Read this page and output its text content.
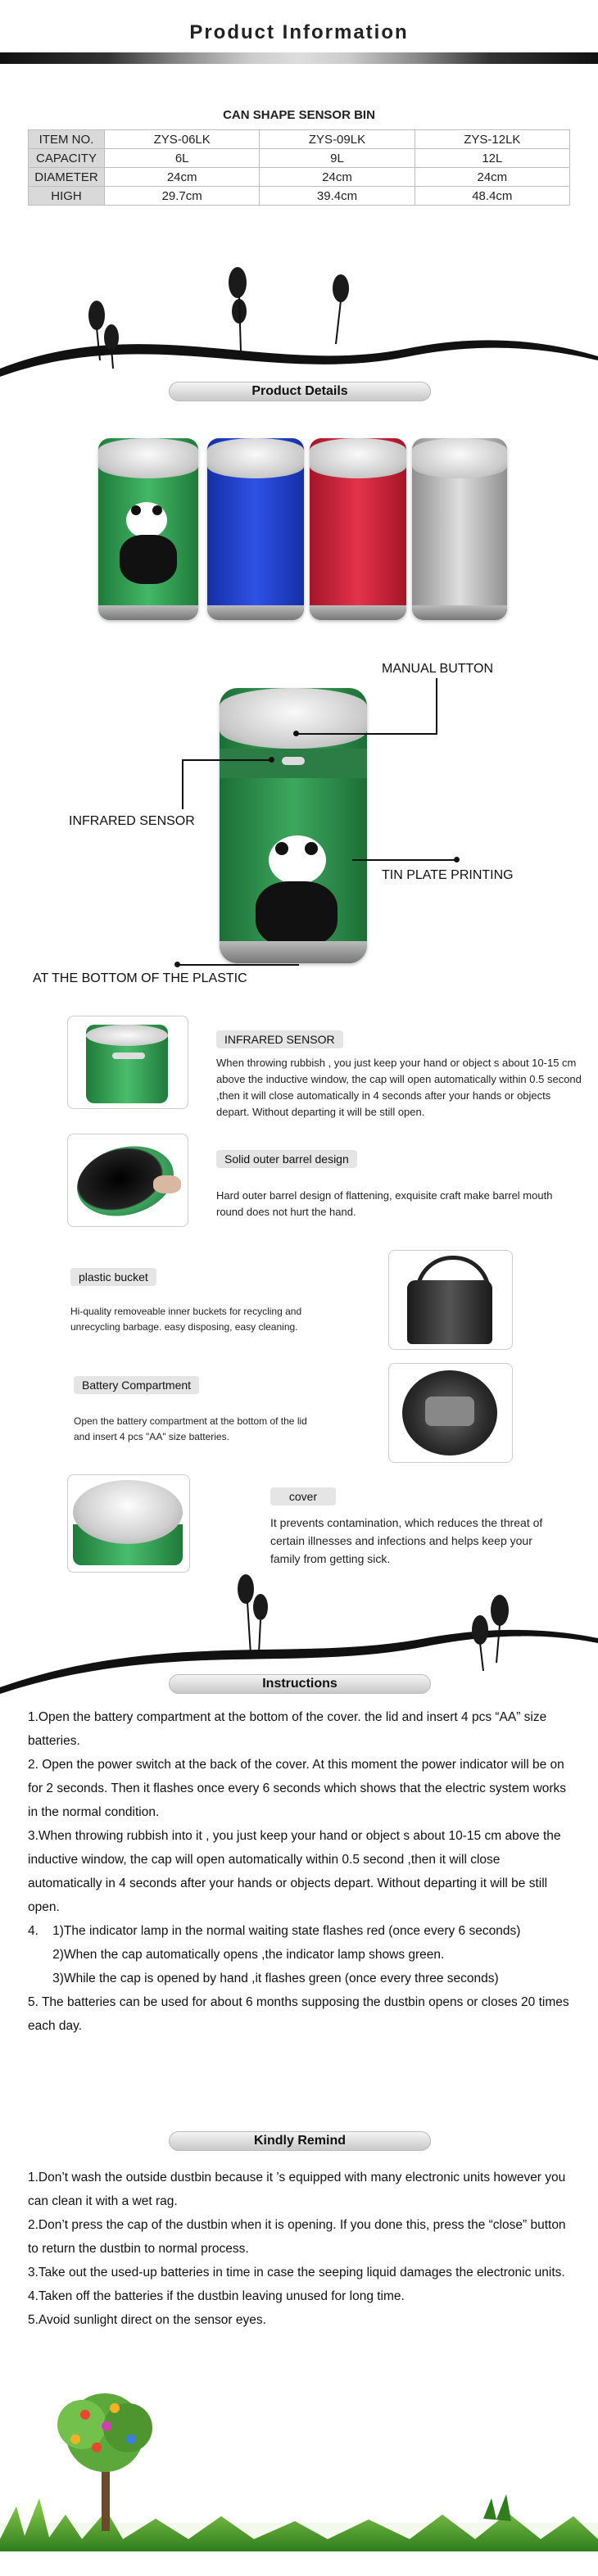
Product Information
CAN SHAPE SENSOR BIN
ITEM NO.	ZYS-06LK	ZYS-09LK	ZYS-12LK
CAPACITY	6L	9L	12L
DIAMETER	24cm	24cm	24cm
HIGH	29.7cm	39.4cm	48.4cm
Product Details
MANUAL BUTTON
INFRARED SENSOR
TIN PLATE PRINTING
AT THE BOTTOM OF THE PLASTIC
INFRARED SENSOR
When throwing rubbish , you just keep your hand or object s about 10-15 cm above the inductive window, the cap will open automatically within 0.5 second ,then it will close automatically in 4 seconds after your hands or objects depart. Without departing it will be still open.
Solid outer barrel design
Hard outer barrel design of flattening, exquisite craft make barrel mouth round does not hurt the hand.
plastic bucket
Hi-quality removeable inner buckets for recycling and unrecycling barbage. easy disposing, easy cleaning.
Battery Compartment
Open the battery compartment at the bottom of the lid and insert 4 pcs "AA" size batteries.
cover
It prevents contamination, which reduces the threat of certain illnesses and infections and helps keep your family from getting sick.
Instructions

1.Open the battery compartment at the bottom of the cover. the lid and insert 4 pcs “AA” size batteries.

2. Open the power switch at the back of the cover. At this moment the power indicator will be on for 2 seconds. Then it flashes once every 6 seconds which shows that the electric system works in the normal condition.

3.When throwing rubbish into it , you just keep your hand or object s about 10-15 cm above the inductive window, the cap will open automatically within 0.5 second ,then it will close automatically in 4 seconds after your hands or objects depart. Without departing it will be still open.

4.    1)The indicator lamp in the normal waiting state flashes red (once every 6 seconds)

2)When the cap automatically opens ,the indicator lamp shows green.

3)While the cap is opened by hand ,it flashes green (once every three seconds)

5. The batteries can be used for about 6 months supposing the dustbin opens or closes 20 times each day.

Kindly Remind

1.Don’t wash the outside dustbin because it ’s equipped with many electronic units however you can clean it with a wet rag.

2.Don’t press the cap of the dustbin when it is opening. If you done this, press the “close” button to return the dustbin to normal process.

3.Take out the used-up batteries in time in case the seeping liquid damages the electronic units.

4.Taken off the batteries if the dustbin leaving unused for long time.

5.Avoid sunlight direct on the sensor eyes.
